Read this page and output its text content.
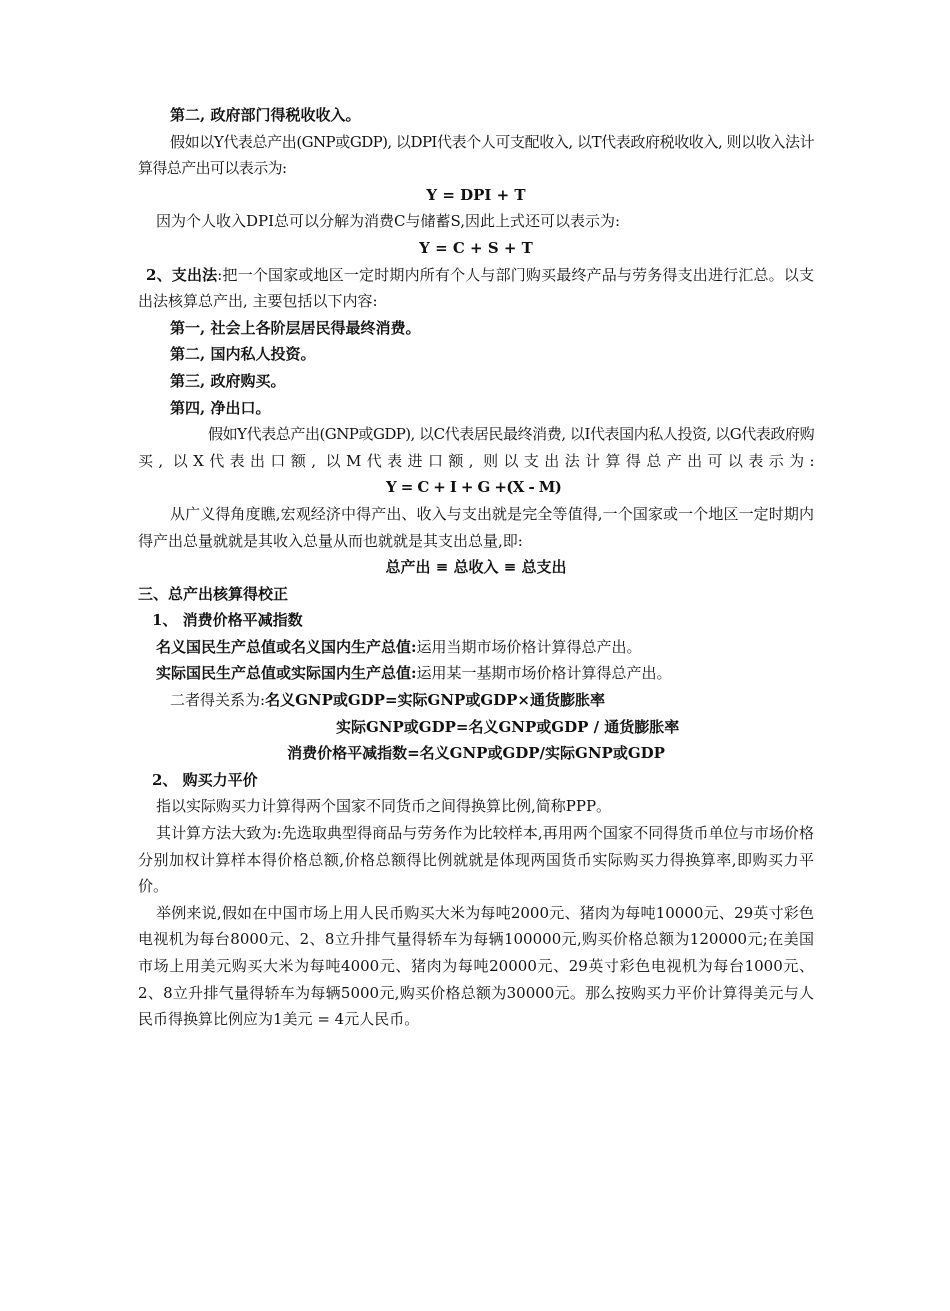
第二, 政府部门得税收收入。

假如以Y代表总产出(GNP或GDP), 以DPI代表个人可支配收入, 以T代表政府税收收入, 则以收入法计算得总产出可以表示为:

Y = DPI + T

因为个人收入DPI总可以分解为消费C与储蓄S,因此上式还可以表示为:

Y = C + S + T

2、支出法:把一个国家或地区一定时期内所有个人与部门购买最终产品与劳务得支出进行汇总。以支出法核算总产出, 主要包括以下内容:

第一, 社会上各阶层居民得最终消费。

第二, 国内私人投资。

第三, 政府购买。

第四, 净出口。

假如Y代表总产出(GNP或GDP), 以C代表居民最终消费, 以I代表国内私人投资, 以G代表政府购买, 以X代表出口额, 以M代表进口额, 则以支出法计算得总产出可以表示为:Y = C + I + G +(X - M)

从广义得角度瞧,宏观经济中得产出、收入与支出就是完全等值得,一个国家或一个地区一定时期内得产出总量就就是其收入总量从而也就就是其支出总量,即:

总产出 ≡ 总收入 ≡ 总支出

三、总产出核算得校正

1、 消费价格平减指数

名义国民生产总值或名义国内生产总值:运用当期市场价格计算得总产出。

实际国民生产总值或实际国内生产总值:运用某一基期市场价格计算得总产出。

二者得关系为:名义GNP或GDP=实际GNP或GDP×通货膨胀率

实际GNP或GDP=名义GNP或GDP / 通货膨胀率

消费价格平减指数=名义GNP或GDP/实际GNP或GDP

2、 购买力平价

指以实际购买力计算得两个国家不同货币之间得换算比例,简称PPP。

其计算方法大致为:先选取典型得商品与劳务作为比较样本,再用两个国家不同得货币单位与市场价格分别加权计算样本得价格总额,价格总额得比例就就是体现两国货币实际购买力得换算率,即购买力平价。

举例来说,假如在中国市场上用人民币购买大米为每吨2000元、猪肉为每吨10000元、29英寸彩色电视机为每台8000元、2、8立升排气量得轿车为每辆100000元,购买价格总额为120000元;在美国市场上用美元购买大米为每吨4000元、猪肉为每吨20000元、29英寸彩色电视机为每台1000元、2、8立升排气量得轿车为每辆5000元,购买价格总额为30000元。那么按购买力平价计算得美元与人民币得换算比例应为1美元 = 4元人民币。
